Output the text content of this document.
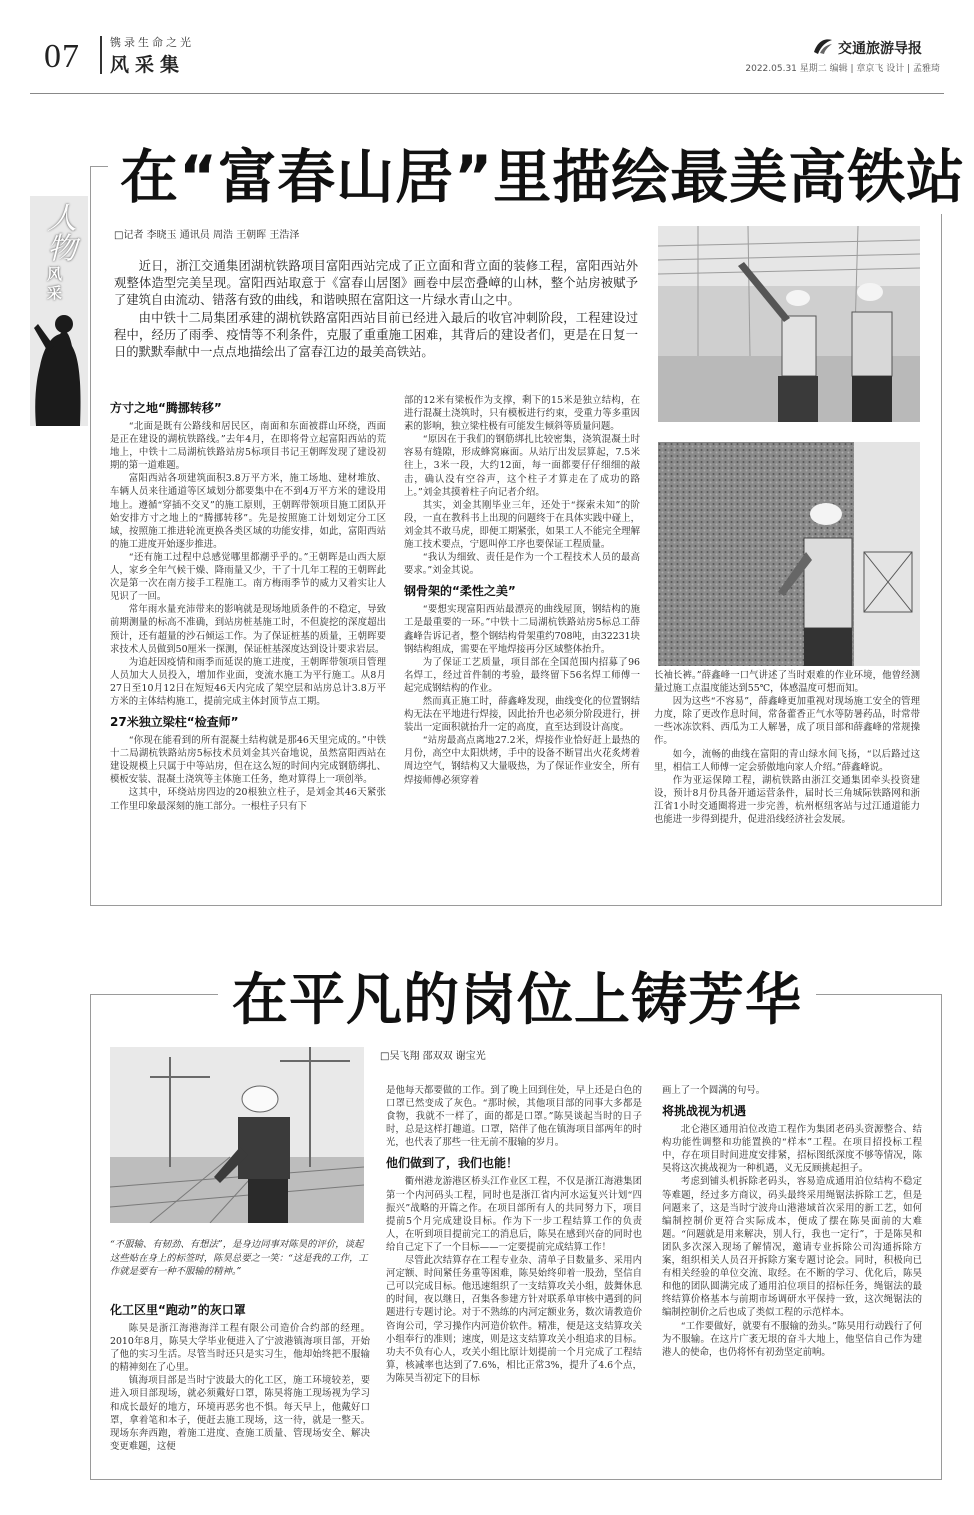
07	镌录生命之光
风采集
交通旅游导报
2022.05.31 星期二 编辑 | 章京飞 设计 | 孟雅琦
人物
风采
在“富春山居”里描绘最美高铁站
□记者 李晓玉 通讯员 周浩 王朝晖 王浩泽

近日，浙江交通集团湖杭铁路项目富阳西站完成了正立面和背立面的装修工程，富阳西站外观整体造型完美呈现。富阳西站取意于《富春山居图》画卷中层峦叠嶂的山林，整个站房被赋予了建筑自由流动、错落有致的曲线，和谐映照在富阳这一片绿水青山之中。

由中铁十二局集团承建的湖杭铁路富阳西站目前已经进入最后的收官冲刺阶段，工程建设过程中，经历了雨季、疫情等不利条件，克服了重重施工困难，其背后的建设者们，更是在日复一日的默默奉献中一点点地描绘出了富春江边的最美高铁站。

方寸之地“腾挪转移”

“北面是既有公路线和居民区，南面和东面被群山环绕，西面是正在建设的湖杭铁路线。”去年4月，在即将骨立起富阳西站的荒地上，中铁十二局湖杭铁路站房5标项目书记王朝晖发现了建设初期的第一道难题。

富阳西站各项建筑面积3.8万平方米，施工场地、建材堆放、车辆人员来往通道等区域划分都要集中在不到4万平方米的建设用地上。遵循“穿插不交叉”的施工原则，王朝晖带领项目施工团队开始安排方寸之地上的“腾挪转移”。先是按照施工计划划定分工区域，按照施工推进轮流更换各类区域的功能安排，如此，富阳西站的施工进度开始逐步推进。

“还有施工过程中总感觉哪里都潮乎乎的。”王朝晖是山西大原人，家乡全年气候干燥、降雨量又少，干了十几年工程的王朝晖此次是第一次在南方接手工程施工。南方梅雨季节的威力又着实让人见识了一回。

常年雨水量充沛带来的影响就是现场地质条件的不稳定，导致前期测量的标高不准确，到站房桩基施工时，不但旋挖的深度超出预计，还有超量的沙石倾运工作。为了保证桩基的质量，王朝晖要求技术人员做到50厘米一探测，保证桩基深度达到设计要求岩层。

为追赶因疫情和雨季而延误的施工进度，王朝晖带领项目管理人员加大人员投入，增加作业面，变流水施工为平行施工。从8月27日至10月12日在短短46天内完成了架空层和站房总计3.8万平方米的主体结构施工，提前完成主体封顶节点工期。

27米独立梁柱“检查师”

“你现在能看到的所有混凝土结构就是那46天里完成的。”中铁十二局湖杭铁路站房5标技术员刘金其兴奋地说，虽然富阳西站在建设规模上只属于中等站房，但在这么短的时间内完成钢筋绑扎、模板安装、混凝土浇筑等主体施工任务，绝对算得上一项创举。

这其中，环绕站房四边的20根独立柱子，是刘金其46天紧张工作里印象最深刻的施工部分。一根柱子只有下

部的12米有梁板作为支撑，剩下的15米是独立结构，在进行混凝土浇筑时，只有模板进行约束，受重力等多重因素的影响，独立梁柱极有可能发生倾斜等质量问题。

“原因在于我们的钢筋绑扎比较密集，浇筑混凝土时容易有缝隙，形成蜂窝麻面。从站厅出发层算起，7.5米往上，3米一段，大约12面，每一面都要仔仔细细的敲击，确认没有空谷声，这个柱子才算走在了成功的路上。”刘金其摸着柱子向记者介绍。

其实，刘金其刚毕业三年，还处于“探索未知”的阶段，一直在教科书上出现的问题终于在具体实践中碰上，刘金其不敢马虎，即便工期紧张，如果工人不能完全理解施工技术要点，宁愿叫停工序也要保证工程质量。

“我认为细致、责任是作为一个工程技术人员的最高要求。”刘金其说。

钢骨架的“柔性之美”

“要想实现富阳西站最漂亮的曲线屋顶，钢结构的施工是最重要的一环。”中铁十二局湖杭铁路站房5标总工薛鑫峰告诉记者，整个钢结构骨架重约708吨，由32231块钢结构组成，需要在平地焊接再分区域整体抬升。

为了保证工艺质量，项目部在全国范围内招募了96名焊工，经过首件制的考验，最终留下56名焊工师傅一起完成钢结构的作业。

然而真正施工时，薛鑫峰发现，曲线变化的位置钢结构无法在平地进行焊接，因此抬升也必须分阶段进行，拼装出一定面积就抬升一定的高度，直至达到设计高度。

“站房最高点离地27.2米，焊接作业恰好赶上最热的月份，高空中太阳烘烤，手中的设备不断冒出火花炙烤着周边空气，钢结构又大量吸热，为了保证作业安全，所有焊接师傅必须穿着

长袖长裤。”薛鑫峰一口气讲述了当时艰难的作业环境，他曾经测量过施工点温度能达到55℃，体感温度可想而知。

因为这些“不容易”，薛鑫峰更加重视对现场施工安全的管理力度，除了更改作息时间，常备藿香正气水等防暑药品，时常带一些冰冻饮料、西瓜为工人解暑，成了项目部和薛鑫峰的常规操作。

如今，流畅的曲线在富阳的青山绿水间飞扬，“以后路过这里，相信工人师傅一定会骄傲地向家人介绍。”薛鑫峰说。

作为亚运保障工程，湖杭铁路由浙江交通集团牵头投资建设，预计8月份具备开通运营条件，届时长三角城际铁路网和浙江省1小时交通圈将进一步完善，杭州枢纽客站与过江通道能力也能进一步得到提升，促进沿线经济社会发展。

在平凡的岗位上铸芳华
□吴飞翔 邵双双 谢宝光
“不服输、有韧劲、有想法”，是身边同事对陈昊的评价，谈起这些贴在身上的标签时，陈昊总要之一笑：“这是我的工作，工作就是要有一种不服输的精神。”

化工区里“跑动”的灰口罩

陈昊是浙江海港海洋工程有限公司造价合约部的经理。2010年8月，陈昊大学毕业便进入了宁波港镇海项目部，开始了他的实习生活。尽管当时还只是实习生，他却始终把不服输的精神刻在了心里。

镇海项目部是当时宁波最大的化工区，施工环境较差，要进入项目部现场，就必须戴好口罩，陈昊将施工现场视为学习和成长最好的地方，环境再恶劣也不惧。每天早上，他戴好口罩，拿着笔和本子，便赶去施工现场，这一待，就是一整天。现场东奔西跑，着施工进度、查施工质量、管现场安全、解决变更难题，这便

是他每天都要做的工作。到了晚上回到住处，早上还是白色的口罩已然变成了灰色。“那时候，其他项目部的同事大多都是食物，我就不一样了，面的都是口罩。”陈昊谈起当时的日子时，总是这样打趣道。口罩，陪伴了他在镇海项目部两年的时光，也代表了那些一往无前不服输的岁月。

他们做到了，我们也能！

衢州港龙游港区桥头江作业区工程，不仅是浙江海港集团第一个内河码头工程，同时也是浙江省内河水运复兴计划“四振兴”战略的开篇之作。在项目部所有人的共同努力下，项目提前5个月完成建设目标。作为下一步工程结算工作的负责人，在听到项目提前完工的消息后，陈昊在感到兴奋的同时也给自己定下了一个目标——一定要提前完成结算工作！

尽管此次结算存在工程专业杂、清单子目数量多、采用内河定额、时间紧任务重等困难，陈昊始终卯着一股劲，坚信自己可以完成目标。他迅速组织了一支结算攻关小组，鼓舞休息的时间，夜以继日，召集各参建方针对联系单审核中遇到的问题进行专题讨论。对于不熟练的内河定额业务，数次请教造价咨询公司，学习操作内河造价软件。精准，便是这支结算攻关小组奉行的准则；速度，则是这支结算攻关小组追求的目标。功夫不负有心人，攻关小组比原计划提前一个月完成了工程结算，核减率也达到了7.6%，相比正常3%，提升了4.6个点，为陈昊当初定下的目标

画上了一个圆满的句号。

将挑战视为机遇

北仑港区通用泊位改造工程作为集团老码头资源整合、结构功能性调整和功能置换的“样本”工程。在项目招投标工程中，存在项目时间进度安排紧，招标图纸深度不够等情况，陈昊将这次挑战视为一种机遇，义无反顾挑起担子。

考虑到铺头机拆除老码头，容易造成通用泊位结构不稳定等难题，经过多方商议，码头最终采用绳锯法拆除工艺，但是问题来了，这是当时宁波舟山港港域首次采用的新工艺，如何编制控制价更符合实际成本，便成了摆在陈昊面前的大难题。“问题就是用来解决，别人行，我也一定行”，于是陈昊和团队多次深入现场了解情况，邀请专业拆除公司沟通拆除方案，组织相关人员召开拆除方案专题讨论会。同时，积极向已有相关经验的单位交流、取经。在不断的学习、优化后，陈昊和他的团队圆满完成了通用泊位项目的招标任务，绳锯法的最终结算价格基本与前期市场调研水平保持一致，这次绳锯法的编制控制价之后也成了类似工程的示范样本。

“工作要做好，就要有不服输的劲头。”陈昊用行动践行了何为不服输。在这片广袤无垠的奋斗大地上，他坚信自己作为建港人的使命，也仍将怀有初劲坚定前响。
